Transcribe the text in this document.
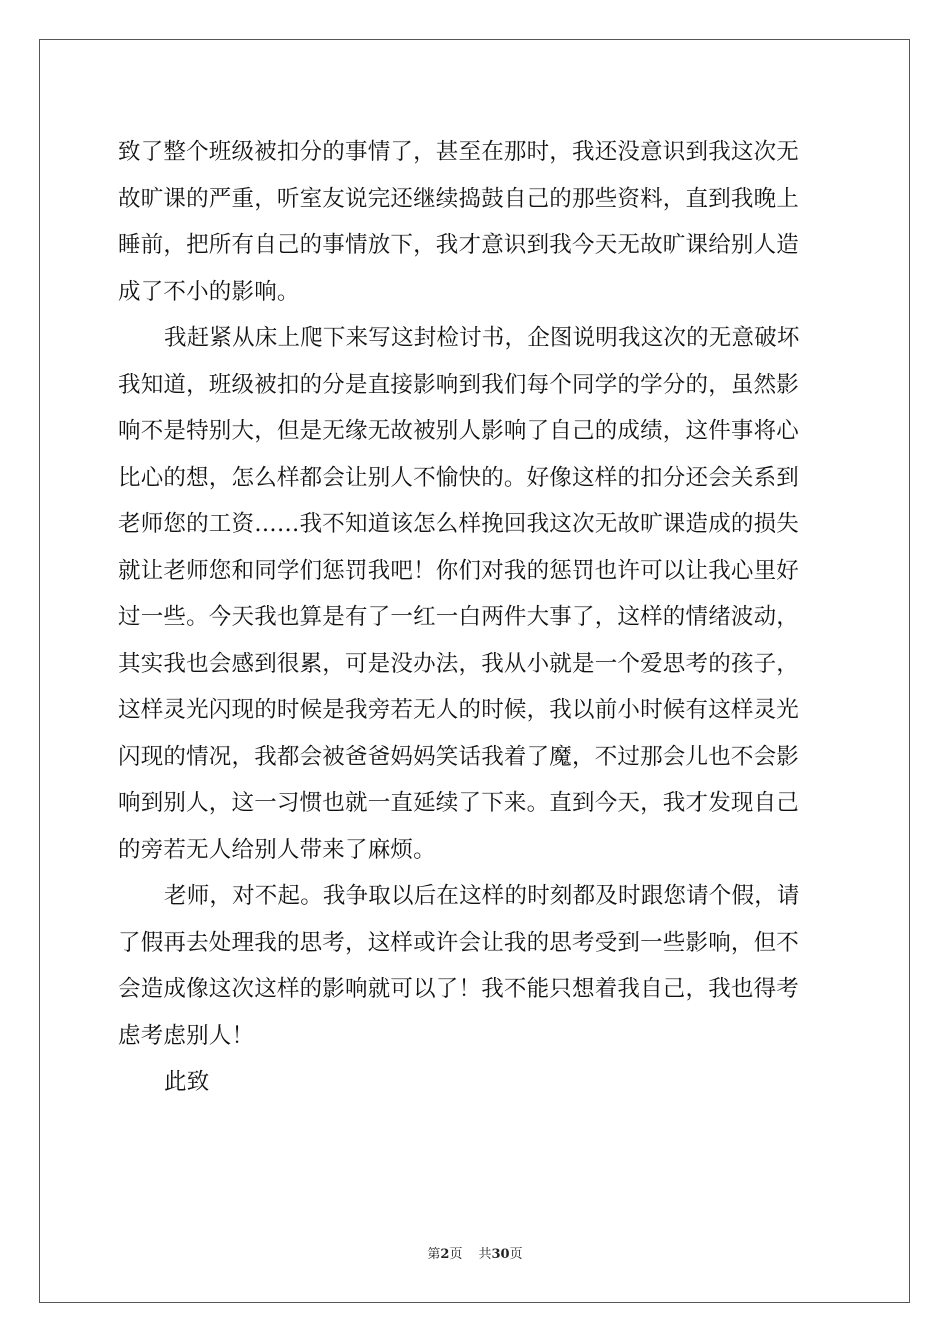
致了整个班级被扣分的事情了，甚至在那时，我还没意识到我这次无
故旷课的严重，听室友说完还继续捣鼓自己的那些资料，直到我晚上
睡前，把所有自己的事情放下，我才意识到我今天无故旷课给别人造
成了不小的影响。
我赶紧从床上爬下来写这封检讨书，企图说明我这次的无意破坏
我知道，班级被扣的分是直接影响到我们每个同学的学分的，虽然影
响不是特别大，但是无缘无故被别人影响了自己的成绩，这件事将心
比心的想，怎么样都会让别人不愉快的。好像这样的扣分还会关系到
老师您的工资……我不知道该怎么样挽回我这次无故旷课造成的损失
就让老师您和同学们惩罚我吧！你们对我的惩罚也许可以让我心里好
过一些。今天我也算是有了一红一白两件大事了，这样的情绪波动，
其实我也会感到很累，可是没办法，我从小就是一个爱思考的孩子，
这样灵光闪现的时候是我旁若无人的时候，我以前小时候有这样灵光
闪现的情况，我都会被爸爸妈妈笑话我着了魔，不过那会儿也不会影
响到别人，这一习惯也就一直延续了下来。直到今天，我才发现自己
的旁若无人给别人带来了麻烦。
老师，对不起。我争取以后在这样的时刻都及时跟您请个假，请
了假再去处理我的思考，这样或许会让我的思考受到一些影响，但不
会造成像这次这样的影响就可以了！我不能只想着我自己，我也得考
虑考虑别人！
此致
第2页 共30页
